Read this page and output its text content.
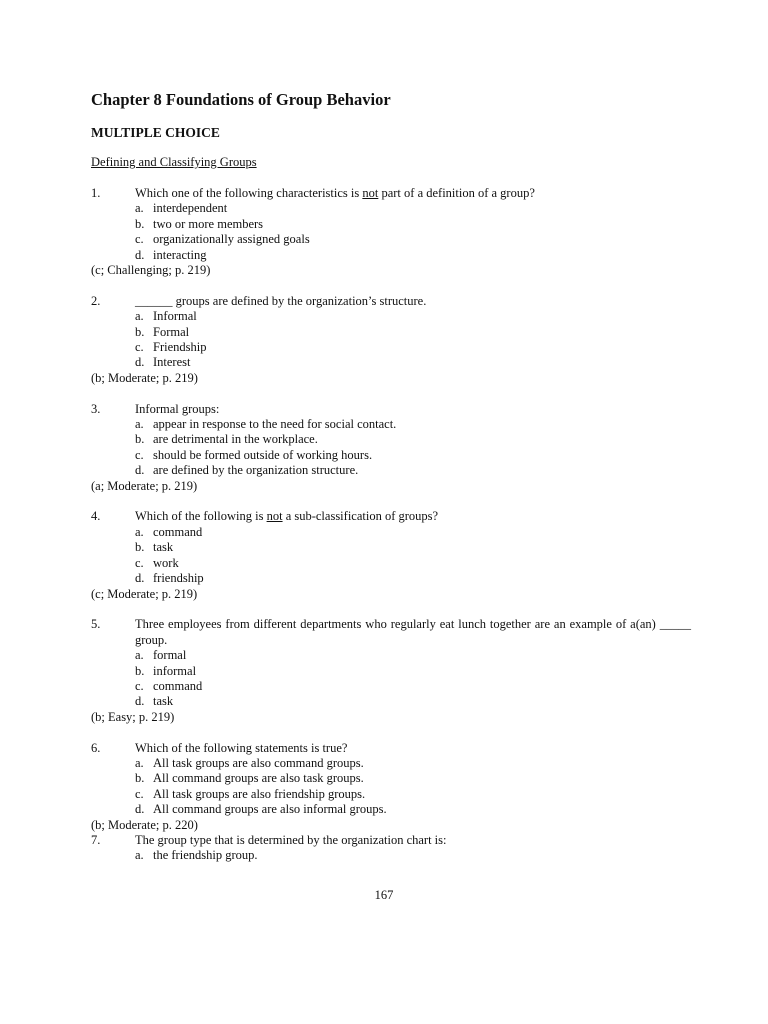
Chapter 8 Foundations of Group Behavior
MULTIPLE CHOICE
Defining and Classifying Groups
1.	Which one of the following characteristics is not part of a definition of a group?
a. interdependent
b. two or more members
c. organizationally assigned goals
d. interacting
(c; Challenging; p. 219)
2.	______ groups are defined by the organization’s structure.
a. Informal
b. Formal
c. Friendship
d. Interest
(b; Moderate; p. 219)
3.	Informal groups:
a. appear in response to the need for social contact.
b. are detrimental in the workplace.
c. should be formed outside of working hours.
d. are defined by the organization structure.
(a; Moderate; p. 219)
4.	Which of the following is not a sub-classification of groups?
a. command
b. task
c. work
d. friendship
(c; Moderate; p. 219)
5.	Three employees from different departments who regularly eat lunch together are an example of a(an) _____ group.
a. formal
b. informal
c. command
d. task
(b; Easy; p. 219)
6.	Which of the following statements is true?
a. All task groups are also command groups.
b. All command groups are also task groups.
c. All task groups are also friendship groups.
d. All command groups are also informal groups.
(b; Moderate; p. 220)
7.	The group type that is determined by the organization chart is:
a. the friendship group.
167
